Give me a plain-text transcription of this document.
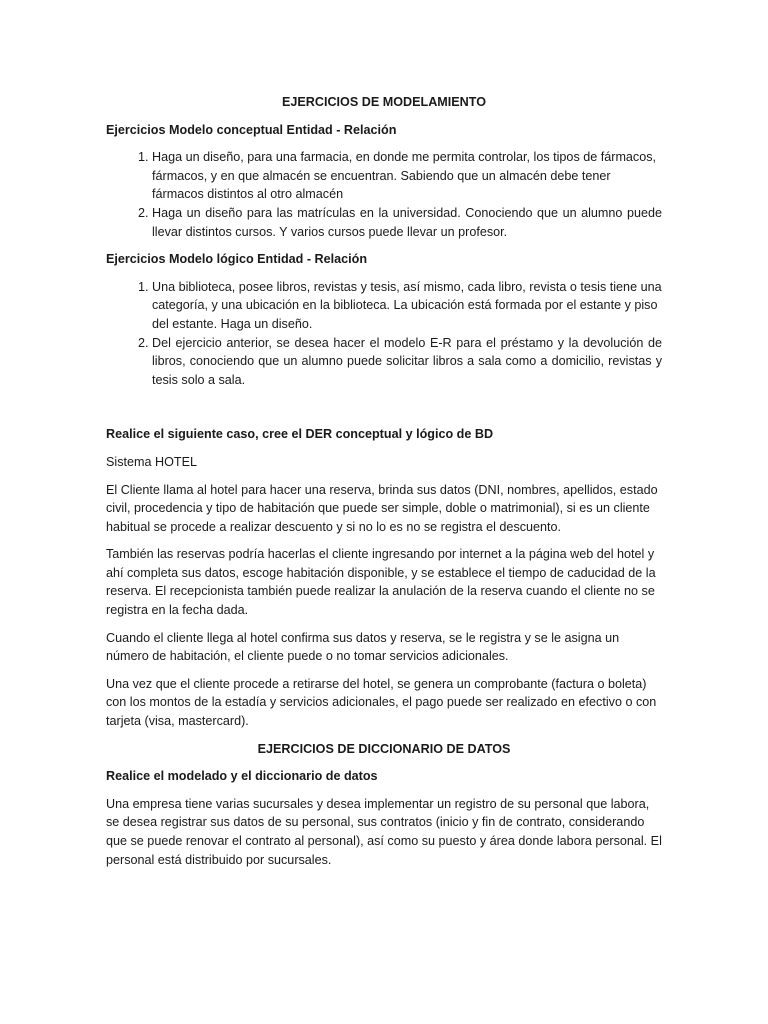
EJERCICIOS DE MODELAMIENTO

Ejercicios Modelo conceptual Entidad - Relación

1. Haga un diseño, para una farmacia, en donde me permita controlar, los tipos de fármacos, fármacos, y en que almacén se encuentran. Sabiendo que un almacén debe tener fármacos distintos al otro almacén
2. Haga un diseño para las matrículas en la universidad. Conociendo que un alumno puede llevar distintos cursos. Y varios cursos puede llevar un profesor.

Ejercicios Modelo lógico Entidad - Relación

1. Una biblioteca, posee libros, revistas y tesis, así mismo, cada libro, revista o tesis tiene una categoría, y una ubicación en la biblioteca. La ubicación está formada por el estante y piso del estante. Haga un diseño.
2. Del ejercicio anterior, se desea hacer el modelo E-R para el préstamo y la devolución de libros, conociendo que un alumno puede solicitar libros a sala como a domicilio, revistas y tesis solo a sala.

Realice el siguiente caso, cree el DER conceptual y lógico de BD

Sistema HOTEL

El Cliente llama al hotel para hacer una reserva, brinda sus datos (DNI, nombres, apellidos, estado civil, procedencia y tipo de habitación que puede ser simple, doble o matrimonial), si es un cliente habitual se procede a realizar descuento y si no lo es no se registra el descuento.

También las reservas podría hacerlas el cliente ingresando por internet a la página web del hotel y ahí completa sus datos, escoge habitación disponible, y se establece el tiempo de caducidad de la reserva. El recepcionista también puede realizar la anulación de la reserva cuando el cliente no se registra en la fecha dada.

Cuando el cliente llega al hotel confirma sus datos y reserva, se le registra y se le asigna un número de habitación, el cliente puede o no tomar servicios adicionales.

Una vez que el cliente procede a retirarse del hotel, se genera un comprobante (factura o boleta) con los montos de la estadía y servicios adicionales, el pago puede ser realizado en efectivo o con tarjeta (visa, mastercard).

EJERCICIOS DE DICCIONARIO DE DATOS

Realice el modelado y el diccionario de datos

Una empresa tiene varias sucursales y desea implementar un registro de su personal que labora, se desea registrar sus datos de su personal, sus contratos (inicio y fin de contrato, considerando que se puede renovar el contrato al personal), así como su puesto y área donde labora personal. El personal está distribuido por sucursales.
